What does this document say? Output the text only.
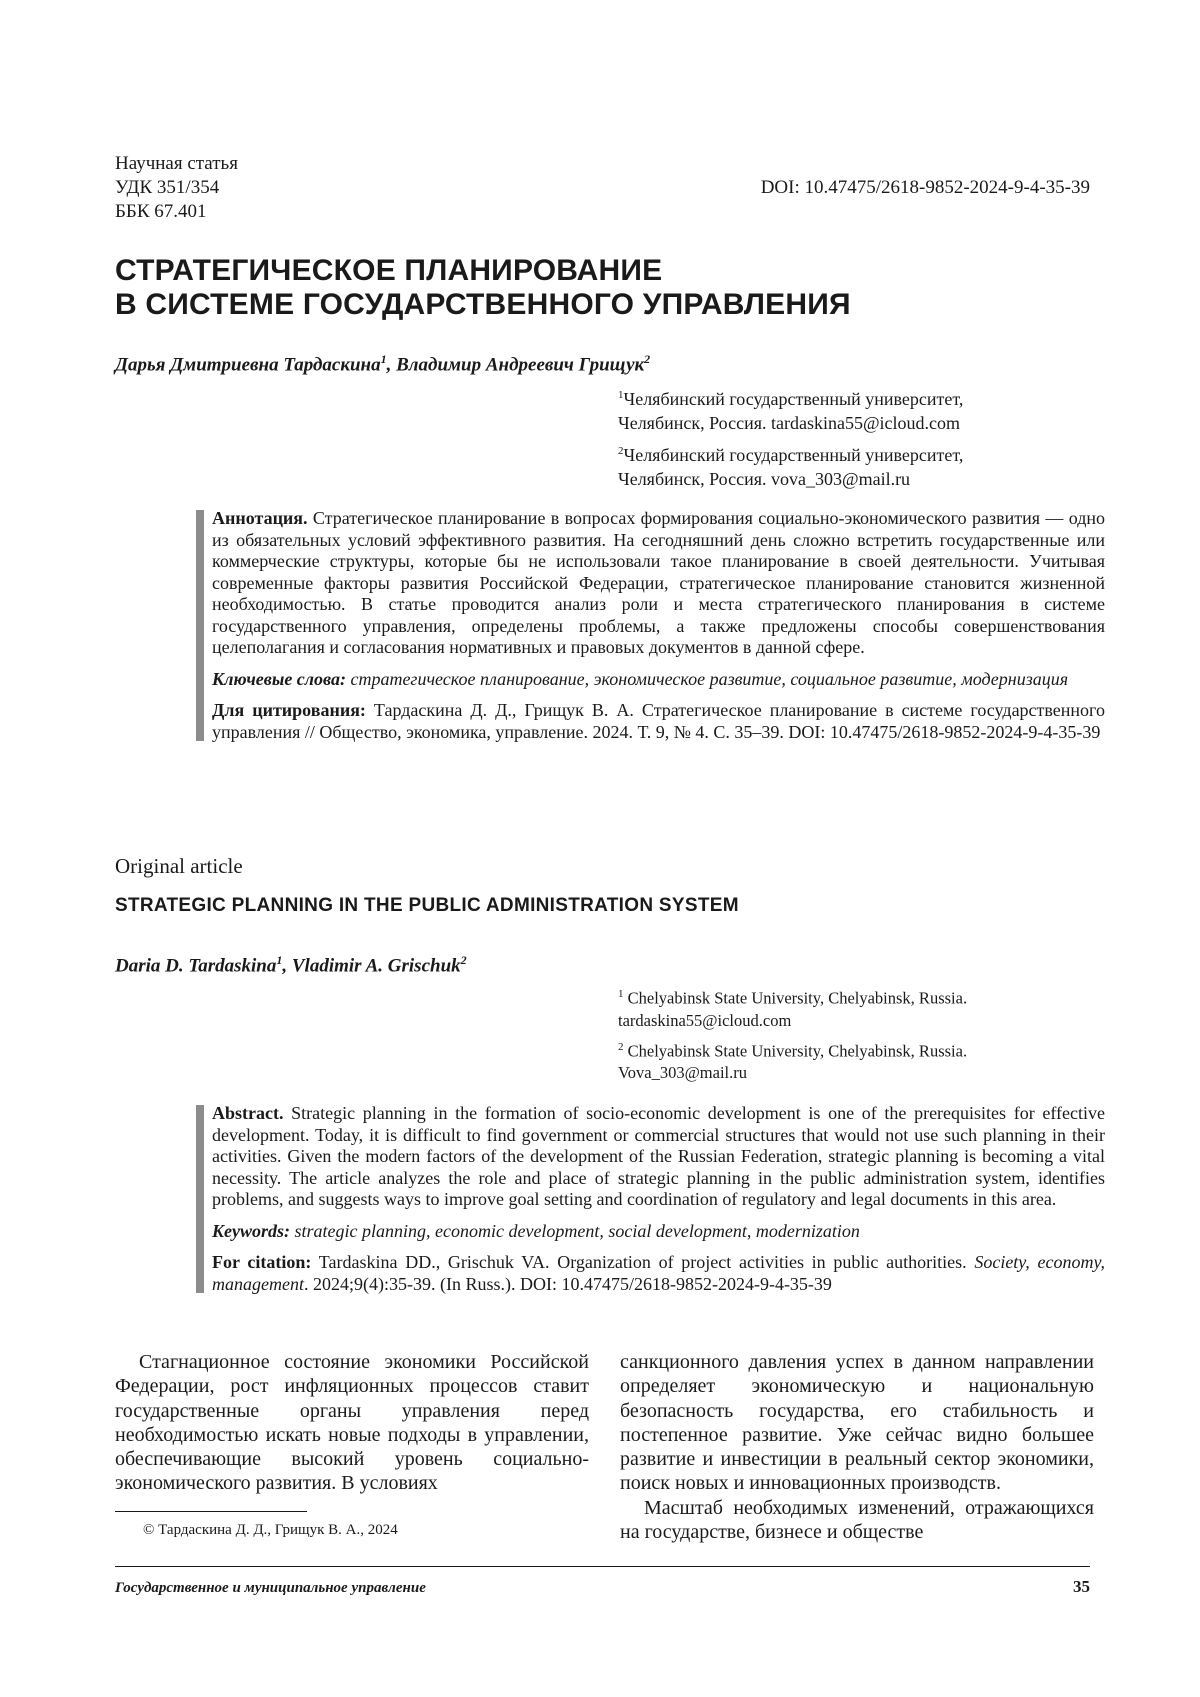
Научная статья
УДК 351/354
ББК 67.401
DOI: 10.47475/2618-9852-2024-9-4-35-39
СТРАТЕГИЧЕСКОЕ ПЛАНИРОВАНИЕ
В СИСТЕМЕ ГОСУДАРСТВЕННОГО УПРАВЛЕНИЯ
Дарья Дмитриевна Тардаскина$^1$, Владимир Андреевич Грищук$^2$

$^1$Челябинский государственный университет,
Челябинск, Россия. tardaskina55@icloud.com

$^2$Челябинский государственный университет,
Челябинск, Россия. vova_303@mail.ru

Аннотация. Стратегическое планирование в вопросах формирования социально-экономического развития — одно из обязательных условий эффективного развития. На сегодняшний день сложно встретить государственные или коммерческие структуры, которые бы не использовали такое планирование в своей деятельности. Учитывая современные факторы развития Российской Федерации, стратегическое планирование становится жизненной необходимостью. В статье проводится анализ роли и места стратегического планирования в системе государственного управления, определены проблемы, а также предложены способы совершенствования целеполагания и согласования нормативных и правовых документов в данной сфере.

Ключевые слова: стратегическое планирование, экономическое развитие, социальное развитие, модернизация

Для цитирования: Тардаскина Д. Д., Грищук В. А. Стратегическое планирование в системе государственного управления // Общество, экономика, управление. 2024. Т. 9, № 4. С. 35–39. DOI: 10.47475/2618-9852-2024-9-4-35-39

Original article
STRATEGIC PLANNING IN THE PUBLIC ADMINISTRATION SYSTEM
Daria D. Tardaskina$^1$, Vladimir A. Grischuk$^2$

$^1$ Chelyabinsk State University, Chelyabinsk, Russia.
tardaskina55@icloud.com

$^2$ Chelyabinsk State University, Chelyabinsk, Russia.
Vova_303@mail.ru

Abstract. Strategic planning in the formation of socio-economic development is one of the prerequisites for effective development. Today, it is difficult to find government or commercial structures that would not use such planning in their activities. Given the modern factors of the development of the Russian Federation, strategic planning is becoming a vital necessity. The article analyzes the role and place of strategic planning in the public administration system, identifies problems, and suggests ways to improve goal setting and coordination of regulatory and legal documents in this area.

Keywords: strategic planning, economic development, social development, modernization

For citation: Tardaskina DD., Grischuk VA. Organization of project activities in public authorities. Society, economy, management. 2024;9(4):35-39. (In Russ.). DOI: 10.47475/2618-9852-2024-9-4-35-39

Стагнационное состояние экономики Российской Федерации, рост инфляционных процессов ставит государственные органы управления перед необходимостью искать новые подходы в управлении, обеспечивающие высокий уровень социально-экономического развития. В условиях

санкционного давления успех в данном направлении определяет экономическую и национальную безопасность государства, его стабильность и постепенное развитие. Уже сейчас видно большее развитие и инвестиции в реальный сектор экономики, поиск новых и инновационных производств.

Масштаб необходимых изменений, отражающихся на государстве, бизнесе и обществе

© Тардаскина Д. Д., Грищук В. А., 2024
Государственное и муниципальное управление	35
